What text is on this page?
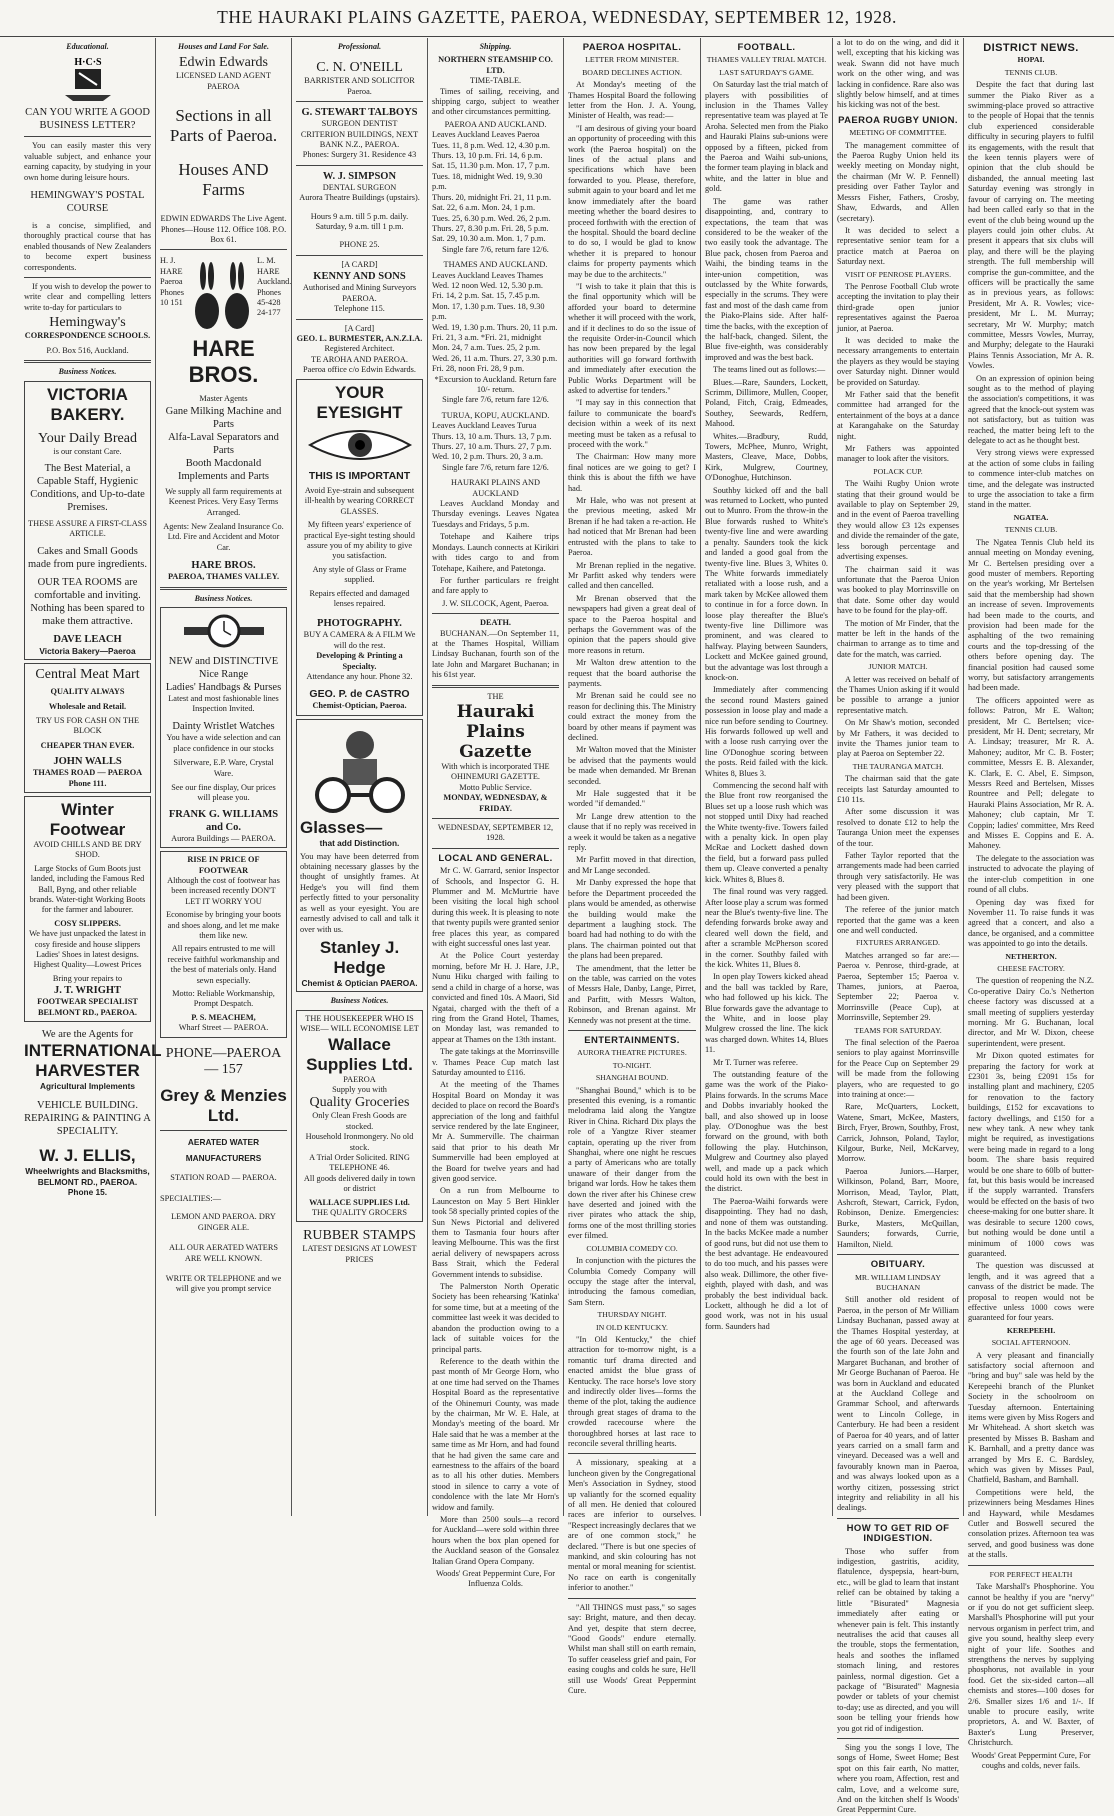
THE HAURAKI PLAINS GAZETTE, PAEROA, WEDNESDAY, SEPTEMBER 12, 1928.
Educational.
H·C·S
CAN YOU WRITE A GOOD BUSINESS LETTER?

You can easily master this very valuable subject, and enhance your earning capacity, by studying in your own home during leisure hours.

HEMINGWAY'S POSTAL COURSE

is a concise, simplified, and thoroughly practical course that has enabled thousands of New Zealanders to become expert business correspondents.

If you wish to develop the power to write clear and compelling letters write to-day for particulars to

Hemingway's
CORRESPONDENCE SCHOOLS.
P.O. Box 516, Auckland.
Business Notices.
VICTORIA BAKERY.
Your Daily Bread
is our constant Care.
The Best Material, a Capable Staff, Hygienic Conditions, and Up-to-date Premises.
THESE ASSURE A FIRST-CLASS ARTICLE.
Cakes and Small Goods made from pure ingredients.
OUR TEA ROOMS are comfortable and inviting. Nothing has been spared to make them attractive.
DAVE LEACH
Victoria Bakery—Paeroa
Central Meat Mart
QUALITY ALWAYS
Wholesale and Retail.
TRY US FOR CASH ON THE BLOCK
CHEAPER THAN EVER.
JOHN WALLS
THAMES ROAD — PAEROA
Phone 111.
Winter Footwear
AVOID CHILLS AND BE DRY SHOD.
Large Stocks of Gum Boots just landed, including the Famous Red Ball, Byng, and other reliable brands. Water-tight Working Boots for the farmer and labourer.
COSY SLIPPERS.
We have just unpacked the latest in cosy fireside and house slippers Ladies' Shoes in latest designs. Highest Quality—Lowest Prices
Bring your repairs to
J. T. WRIGHT
FOOTWEAR SPECIALIST BELMONT RD., PAEROA.
We are the Agents for
INTERNATIONAL
HARVESTER
Agricultural Implements
VEHICLE BUILDING. REPAIRING & PAINTING A SPECIALITY.
W. J. ELLIS,
Wheelwrights and Blacksmiths,
BELMONT RD., PAEROA.
Phone 15.
Houses and Land For Sale.
Edwin Edwards
LICENSED LAND AGENT PAEROA
Sections in all Parts of Paeroa.
Houses AND Farms
EDWIN EDWARDS The Live Agent.
Phones—House 112. Office 108. P.O. Box 61.
H. J. HARE Paeroa Phones 10 151
L. M. HARE Auckland. Phones 45-428 24-177
HARE BROS.
Master Agents
Gane Milking Machine and Parts
Alfa-Laval Separators and Parts
Booth Macdonald Implements and Parts
We supply all farm requirements at Keenest Prices. Very Easy Terms Arranged.
Agents: New Zealand Insurance Co. Ltd. Fire and Accident and Motor Car.
HARE BROS.
PAEROA, THAMES VALLEY.
Business Notices.
NEW and DISTINCTIVE
Nice Range
Ladies' Handbags & Purses
Latest and most fashionable lines Inspection Invited.
Dainty Wristlet Watches
You have a wide selection and can place confidence in our stocks
Silverware, E.P. Ware, Crystal Ware.
See our fine display, Our prices will please you.
FRANK G. WILLIAMS and Co.
Aurora Buildings — PAEROA.
RISE IN PRICE OF FOOTWEAR
Although the cost of footwear has been increased recently DON'T LET IT WORRY YOU
Economise by bringing your boots and shoes along, and let me make them like new.
All repairs entrusted to me will receive faithful workmanship and the best of materials only. Hand sewn especially.
Motto: Reliable Workmanship, Prompt Despatch.
P. S. MEACHEM,
Wharf Street — PAEROA.
PHONE—PAEROA — 157
Grey & Menzies Ltd.
AERATED WATER
MANUFACTURERS
STATION ROAD — PAEROA.
SPECIALTIES:—
LEMON AND PAEROA. DRY GINGER ALE.
ALL OUR AERATED WATERS ARE WELL KNOWN.
WRITE OR TELEPHONE and we will give you prompt service
Professional.
C. N. O'NEILL
BARRISTER AND SOLICITOR Paeroa.
G. STEWART TALBOYS
SURGEON DENTIST
CRITERION BUILDINGS, NEXT BANK N.Z., PAEROA.
Phones: Surgery 31. Residence 43
W. J. SIMPSON
DENTAL SURGEON
Aurora Theatre Buildings (upstairs).
Hours 9 a.m. till 5 p.m. daily. Saturday, 9 a.m. till 1 p.m.
PHONE 25.
[A CARD]
KENNY AND SONS
Authorised and Mining Surveyors PAEROA.
Telephone 115.
[A Card]
GEO. L. BURMESTER, A.N.Z.I.A.
Registered Architect.
TE AROHA AND PAEROA.
Paeroa office c/o Edwin Edwards.
YOUR EYESIGHT
THIS IS IMPORTANT
Avoid Eye-strain and subsequent ill-health by wearing CORRECT GLASSES.
My fifteen years' experience of practical Eye-sight testing should assure you of my ability to give you satisfaction.
Any style of Glass or Frame supplied.
Repairs effected and damaged lenses repaired.
PHOTOGRAPHY.
BUY A CAMERA & A FILM We will do the rest.
Developing & Printing a Specialty.
Attendance any hour. Phone 32.
GEO. P. de CASTRO
Chemist-Optician, Paeroa.
Glasses—
that add Distinction.
You may have been deterred from obtaining necessary glasses by the thought of unsightly frames. At Hedge's you will find them perfectly fitted to your personality as well as your eyesight. You are earnestly advised to call and talk it over with us.
Stanley J. Hedge
Chemist & Optician PAEROA.
Business Notices.
THE HOUSEKEEPER WHO IS WISE— WILL ECONOMISE LET
Wallace Supplies Ltd.
PAEROA
Supply you with
Quality Groceries
Only Clean Fresh Goods are stocked.
Household Ironmongery. No old stock.
A Trial Order Solicited. RING TELEPHONE 46.
All goods delivered daily in town or district
WALLACE SUPPLIES Ltd.
THE QUALITY GROCERS
RUBBER STAMPS
LATEST DESIGNS AT LOWEST PRICES
Shipping.
NORTHERN STEAMSHIP CO. LTD.
TIME-TABLE.

Times of sailing, receiving, and shipping cargo, subject to weather and other circumstances permitting.

PAEROA AND AUCKLAND.
Leaves Auckland Leaves Paeroa
Tues. 11, 8 p.m. Wed. 12, 4.30 p.m.
Thurs. 13, 10 p.m. Fri. 14, 6 p.m.
Sat. 15, 11.30 p.m. Mon. 17, 7 p.m.
Tues. 18, midnight Wed. 19, 9.30 p.m.
Thurs. 20, midnight Fri. 21, 11 p.m.
Sat. 22, 6 a.m. Mon. 24, 1 p.m.
Tues. 25, 6.30 p.m. Wed. 26, 2 p.m.
Thurs. 27, 8.30 p.m. Fri. 28, 5 p.m.
Sat. 29, 10.30 a.m. Mon. 1, 7 p.m.
Single fare 7/6, return fare 12/6.
THAMES AND AUCKLAND.
Leaves Auckland Leaves Thames
Wed. 12 noon Wed. 12, 5.30 p.m.
Fri. 14, 2 p.m. Sat. 15, 7.45 p.m.
Mon. 17, 1.30 p.m. Tues. 18, 9.30 p.m.
Wed. 19, 1.30 p.m. Thurs. 20, 11 p.m.
Fri. 21, 3 a.m. *Fri. 21, midnight
Mon. 24, 7 a.m. Tues. 25, 2 p.m.
Wed. 26, 11 a.m. Thurs. 27, 3.30 p.m.
Fri. 28, noon Fri. 28, 9 p.m.
*Excursion to Auckland. Return fare 10/- return.
Single fare 7/6, return fare 12/6.
TURUA, KOPU, AUCKLAND.
Leaves Auckland Leaves Turua
Thurs. 13, 10 a.m. Thurs. 13, 7 p.m.
Thurs. 27, 10 a.m. Thurs. 27, 7 p.m.
Wed. 10, 2 p.m. Thurs. 20, 3 a.m.
Single fare 7/6, return fare 12/6.
HAURAKI PLAINS AND AUCKLAND

Leaves Auckland Monday and Thursday evenings. Leaves Ngatea Tuesdays and Fridays, 5 p.m.

Totehape and Kaihere trips Mondays. Launch connects at Kirikiri with tides cargo to and from Totehape, Kaihere, and Patetonga.

For further particulars re freight and fare apply to

J. W. SILCOCK, Agent, Paeroa.
DEATH.

BUCHANAN.—On September 11, at the Thames Hospital, William Lindsay Buchanan, fourth son of the late John and Margaret Buchanan; in his 61st year.

THE
Hauraki Plains Gazette
With which is incorporated THE OHINEMURI GAZETTE.
Motto Public Service.
MONDAY, WEDNESDAY, & FRIDAY.
WEDNESDAY, SEPTEMBER 12, 1928.
LOCAL AND GENERAL.

Mr C. W. Garrard, senior Inspector of Schools, and Inspector G. H. Plummer and M. McMurtrie have been visiting the local high school during this week. It is pleasing to note that twenty pupils were granted senior free places this year, as compared with eight successful ones last year.

At the Police Court yesterday morning, before Mr H. J. Hare, J.P., Nunu Hiku charged with failing to send a child in charge of a horse, was convicted and fined 10s. A Maori, Sid Ngatai, charged with the theft of a ring from the Grand Hotel, Thames, on Monday last, was remanded to appear at Thames on the 13th instant.

The gate takings at the Morrinsville v. Thames Peace Cup match last Saturday amounted to £116.

At the meeting of the Thames Hospital Board on Monday it was decided to place on record the Board's appreciation of the long and faithful service rendered by the late Engineer, Mr A. Summerville. The chairman said that prior to his death Mr Summerville had been employed at the Board for twelve years and had given good service.

On a run from Melbourne to Launceston on May 5 Bert Hinkler took 58 specially printed copies of the Sun News Pictorial and delivered them to Tasmania four hours after leaving Melbourne. This was the first aerial delivery of newspapers across Bass Strait, which the Federal Government intends to subsidise.

The Palmerston North Operatic Society has been rehearsing 'Katinka' for some time, but at a meeting of the committee last week it was decided to abandon the production owing to a lack of suitable voices for the principal parts.

Reference to the death within the past month of Mr George Horn, who at one time had served on the Thames Hospital Board as the representative of the Ohinemuri County, was made by the chairman, Mr W. E. Hale, at Monday's meeting of the board. Mr Hale said that he was a member at the same time as Mr Horn, and had found that he had given the same care and earnestness to the affairs of the board as to all his other duties. Members stood in silence to carry a vote of condolence with the late Mr Horn's widow and family.

More than 2500 souls—a record for Auckland—were sold within three hours when the box plan opened for the Auckland season of the Gonsalez Italian Grand Opera Company.

Woods' Great Peppermint Cure, For Influenza Colds.
PAEROA HOSPITAL.
LETTER FROM MINISTER.
BOARD DECLINES ACTION.

At Monday's meeting of the Thames Hospital Board the following letter from the Hon. J. A. Young, Minister of Health, was read:—

"I am desirous of giving your board an opportunity of proceeding with this work (the Paeroa hospital) on the lines of the actual plans and specifications which have been forwarded to you. Please, therefore, submit again to your board and let me know immediately after the board meeting whether the board desires to proceed forthwith with the erection of the hospital. Should the board decline to do so, I would be glad to know whether it is prepared to honour claims for property payments which may be due to the architects."

"I wish to take it plain that this is the final opportunity which will be afforded your board to determine whether it will proceed with the work, and if it declines to do so the issue of the requisite Order-in-Council which has now been prepared by the legal authorities will go forward forthwith and immediately after execution the Public Works Department will be asked to advertise for tenders."

"I may say in this connection that failure to communicate the board's decision within a week of its next meeting must be taken as a refusal to proceed with the work."

The Chairman: How many more final notices are we going to get? I think this is about the fifth we have had.

Mr Hale, who was not present at the previous meeting, asked Mr Brenan if he had taken a re-action. He had noticed that Mr Brenan had been entrusted with the plans to take to Paeroa.

Mr Brenan replied in the negative. Mr Parfitt asked why tenders were called and then cancelled.

Mr Brenan observed that the newspapers had given a great deal of space to the Paeroa hospital and perhaps the Government was of the opinion that the papers should give more reasons in return.

Mr Walton drew attention to the request that the board authorise the payments.

Mr Brenan said he could see no reason for declining this. The Ministry could extract the money from the board by other means if payment was declined.

Mr Walton moved that the Minister be advised that the payments would be made when demanded. Mr Brenan seconded.

Mr Hale suggested that it be worded "if demanded."

Mr Lange drew attention to the clause that if no reply was received in a week it would be taken as a negative reply.

Mr Parfitt moved in that direction, and Mr Lange seconded.

Mr Danby expressed the hope that before the Department proceeded the plans would be amended, as otherwise the building would make the department a laughing stock. The board had had nothing to do with the plans. The chairman pointed out that the plans had been prepared.

The amendment, that the letter be on the table, was carried on the votes of Messrs Hale, Danby, Lange, Pirret, and Parfitt, with Messrs Walton, Robinson, and Brenan against. Mr Kennedy was not present at the time.

ENTERTAINMENTS.
AURORA THEATRE PICTURES.
TO-NIGHT.
SHANGHAI BOUND.

"Shanghai Bound," which is to be presented this evening, is a romantic melodrama laid along the Yangtze River in China. Richard Dix plays the role of a Yangtze River steamer captain, operating up the river from Shanghai, where one night he rescues a party of Americans who are totally unaware of their danger from the brigand war lords. How he takes them down the river after his Chinese crew have deserted and joined with the river pirates who attack the ship, forms one of the most thrilling stories ever filmed.

COLUMBIA COMEDY CO.

In conjunction with the pictures the Columbia Comedy Company will occupy the stage after the interval, introducing the famous comedian, Sam Stern.

THURSDAY NIGHT.
IN OLD KENTUCKY.

"In Old Kentucky," the chief attraction for to-morrow night, is a romantic turf drama directed and enacted amidst the blue grass of Kentucky. The race horse's love story and indirectly older lives—forms the theme of the plot, taking the audience through great stages of drama to the crowded racecourse where the thoroughbred horses at last race to reconcile several thrilling hearts.

A missionary, speaking at a luncheon given by the Congregational Men's Association in Sydney, stood up valiantly for the scorned equality of all men. He denied that coloured races are inferior to ourselves. "Respect increasingly declares that we are of one common stock," he declared. "There is but one species of mankind, and skin colouring has not mental or moral meaning for scientist. No race on earth is congenitally inferior to another."

"All THINGS must pass," so sages say: Bright, mature, and then decay. And yet, despite that stern decree, "Good Goods" endure eternally. Whilst man shall still on earth remain, To suffer ceaseless grief and pain, For easing coughs and colds he sure, He'll still use Woods' Great Peppermint Cure.

FOOTBALL.
THAMES VALLEY TRIAL MATCH.
LAST SATURDAY'S GAME.

On Saturday last the trial match of players with possibilities of inclusion in the Thames Valley representative team was played at Te Aroha. Selected men from the Piako and Hauraki Plains sub-unions were opposed by a fifteen, picked from the Paeroa and Waihi sub-unions, the former team playing in black and white, and the latter in blue and gold.

The game was rather disappointing, and, contrary to expectations, the team that was considered to be the weaker of the two easily took the advantage. The Blue pack, chosen from Paeroa and Waihi, the binding teams in the inter-union competition, was outclassed by the White forwards, especially in the scrums. They were fast and most of the dash came from the Piako-Plains side. After half-time the backs, with the exception of the half-back, changed. Silent, the Blue five-eighth, was considerably improved and was the best back.

The teams lined out as follows:—

Blues.—Rare, Saunders, Lockett, Scrimm, Dillimore, Mullen, Cooper, Poland, Fitch, Craig, Edmeades, Southey, Seewards, Redfern, Mahood.

Whites.—Bradbury, Rudd, Towers, McPhee, Munro, Wright, Masters, Cleave, Mace, Dobbs, Kirk, Mulgrew, Courtney, O'Donoghue, Hutchinson.

Southby kicked off and the ball was returned to Lockett, who punted out to Munro. From the throw-in the Blue forwards rushed to White's twenty-five line and were awarding a penalty. Saunders took the kick and landed a good goal from the twenty-five line. Blues 3, Whites 0. The White forwards immediately retaliated with a loose rush, and a mark taken by McKee allowed them to continue in for a force down. In loose play thereafter the Blue's twenty-five line Dillimore was prominent, and was cleared to halfway. Playing between Saunders, Lockett and McKee gained ground, but the advantage was lost through a knock-on.

Immediately after commencing the second round Masters gained possession in loose play and made a nice run before sending to Courtney. His forwards followed up well and with a loose rush carrying over the line O'Donoghue scoring between the posts. Reid failed with the kick. Whites 8, Blues 3.

Commencing the second half with the Blue front row reorganised the Blues set up a loose rush which was not stopped until Dixy had reached the White twenty-five. Towers failed with a penalty kick. In open play McRae and Lockett dashed down the field, but a forward pass pulled them up. Cleave converted a penalty kick. Whites 8, Blues 8.

The final round was very ragged. After loose play a scrum was formed near the Blue's twenty-five line. The defending forwards broke away and cleared well down the field, and after a scramble McPherson scored in the corner. Southby failed with the kick. Whites 11, Blues 8.

In open play Towers kicked ahead and the ball was tackled by Rare, who had followed up his kick. The Blue forwards gave the advantage to the White, and in loose play Mulgrew crossed the line. The kick was charged down. Whites 14, Blues 11.

Mr T. Turner was referee.

The outstanding feature of the game was the work of the Piako-Plains forwards. In the scrums Mace and Dobbs invariably hooked the ball, and also showed up in loose play. O'Donoghue was the best forward on the ground, with both following the play. Hutchinson, Mulgrew and Courtney also played well, and made up a pack which could hold its own with the best in the district.

The Paeroa-Waihi forwards were disappointing. They had no dash, and none of them was outstanding. In the backs McKee made a number of good runs, but did not use them to the best advantage. He endeavoured to do too much, and his passes were also weak. Dillimore, the other five-eighth, played with dash, and was probably the best individual back. Lockett, although he did a lot of good work, was not in his usual form. Saunders had

a lot to do on the wing, and did it well, excepting that his kicking was weak. Swann did not have much work on the other wing, and was lacking in confidence. Rare also was slightly below himself, and at times his kicking was not of the best.

PAEROA RUGBY UNION.
MEETING OF COMMITTEE.

The management committee of the Paeroa Rugby Union held its weekly meeting on Monday night, the chairman (Mr W. P. Fennell) presiding over Father Taylor and Messrs Fisher, Fathers, Crosby, Shaw, Edwards, and Allen (secretary).

It was decided to select a representative senior team for a practice match at Paeroa on Saturday next.

VISIT OF PENROSE PLAYERS.

The Penrose Football Club wrote accepting the invitation to play their third-grade open junior representatives against the Paeroa junior, at Paeroa.

It was decided to make the necessary arrangements to entertain the players as they would be staying over Saturday night. Dinner would be provided on Saturday.

Mr Father said that the benefit committee had arranged for the entertainment of the boys at a dance at Karangahake on the Saturday night.

Mr Fathers was appointed manager to look after the visitors.

POLACK CUP.

The Waihi Rugby Union wrote stating that their ground would be available to play on September 29, and in the event of Paeroa travelling they would allow £3 12s expenses and divide the remainder of the gate, less borough percentage and advertising expenses.

The chairman said it was unfortunate that the Paeroa Union was booked to play Morrinsville on that date. Some other day would have to be found for the play-off.

The motion of Mr Finder, that the matter be left in the hands of the chairman to arrange as to time and date for the match, was carried.

JUNIOR MATCH.

A letter was received on behalf of the Thames Union asking if it would be possible to arrange a junior representative match.

On Mr Shaw's motion, seconded by Mr Fathers, it was decided to invite the Thames junior team to play at Paeroa on September 22.

THE TAURANGA MATCH.

The chairman said that the gate receipts last Saturday amounted to £10 11s.

After some discussion it was resolved to donate £12 to help the Tauranga Union meet the expenses of the tour.

Father Taylor reported that the arrangements made had been carried through very satisfactorily. He was very pleased with the support that had been given.

The referee of the junior match reported that the game was a keen one and well conducted.

FIXTURES ARRANGED.

Matches arranged so far are:— Paeroa v. Penrose, third-grade, at Paeroa, September 15; Paeroa v. Thames, juniors, at Paeroa, September 22; Paeroa v. Morrinsville (Peace Cup), at Morrinsville, September 29.

TEAMS FOR SATURDAY.

The final selection of the Paeroa seniors to play against Morrinsville for the Peace Cup on September 29 will be made from the following players, who are requested to go into training at once:—

Rare, McQuarters, Lockett, Watene, Smart, McKee, Masters, Birch, Fryer, Brown, Southby, Frost, Carrick, Johnson, Poland, Taylor, Kilgour, Burke, Neil, McKarvey, Morrow.

Paeroa Juniors.—Harper, Wilkinson, Poland, Barr, Moore, Morrison, Mead, Taylor, Platt, Ashcroft, Stewart, Carrick, Fydon, Robinson, Denize. Emergencies: Burke, Masters, McQuillan, Saunders; forwards, Currie, Hamilton, Nield.

OBITUARY.
MR. WILLIAM LINDSAY BUCHANAN

Still another old resident of Paeroa, in the person of Mr William Lindsay Buchanan, passed away at the Thames Hospital yesterday, at the age of 60 years. Deceased was the fourth son of the late John and Margaret Buchanan, and brother of Mr George Buchanan of Paeroa. He was born in Auckland and educated at the Auckland College and Grammar School, and afterwards went to Lincoln College, in Canterbury. He had been a resident of Paeroa for 40 years, and of latter years carried on a small farm and vineyard. Deceased was a well and favourably known man in Paeroa, and was always looked upon as a worthy citizen, possessing strict integrity and reliability in all his dealings.

HOW TO GET RID OF INDIGESTION.

Those who suffer from indigestion, gastritis, acidity, flatulence, dyspepsia, heart-burn, etc., will be glad to learn that instant relief can be obtained by taking a little "Bisurated" Magnesia immediately after eating or whenever pain is felt. This instantly neutralises the acid that causes all the trouble, stops the fermentation, heals and soothes the inflamed stomach lining, and restores painless, normal digestion. Get a package of "Bisurated" Magnesia powder or tablets of your chemist to-day; use as directed, and you will soon be telling your friends how you got rid of indigestion.

Sing you the songs I love, The songs of Home, Sweet Home; Best spot on this fair earth, No matter, where you roam, Affection, rest and calm, Love, and a welcome sure, And on the kitchen shelf Is Woods' Great Peppermint Cure.

DISTRICT NEWS.
HOPAI.
TENNIS CLUB.

Despite the fact that during last summer the Piako River as a swimming-place proved so attractive to the people of Hopai that the tennis club experienced considerable difficulty in securing players to fulfil its engagements, with the result that the keen tennis players were of opinion that the club should be disbanded, the annual meeting last Saturday evening was strongly in favour of carrying on. The meeting had been called early so that in the event of the club being wound up the players could join other clubs. At present it appears that six clubs will play, and there will be the playing strength. The full membership will comprise the gun-committee, and the officers will be practically the same as in previous years, as follows: President, Mr A. R. Vowles; vice-president, Mr L. M. Murray; secretary, Mr W. Murphy; match committee, Messrs Vowles, Murray, and Murphy; delegate to the Hauraki Plains Tennis Association, Mr A. R. Vowles.

On an expression of opinion being sought as to the method of playing the association's competitions, it was agreed that the knock-out system was not satisfactory, but as tuition was reached, the matter being left to the delegate to act as he thought best.

Very strong views were expressed at the action of some clubs in failing to commence inter-club matches on time, and the delegate was instructed to urge the association to take a firm stand in the matter.

NGATEA.
TENNIS CLUB.

The Ngatea Tennis Club held its annual meeting on Monday evening, Mr C. Bertelsen presiding over a good muster of members. Reporting on the year's working, Mr Bertelsen said that the membership had shown an increase of seven. Improvements had been made to the courts, and provision had been made for the asphalting of the two remaining courts and the top-dressing of the others before opening day. The financial position had caused some worry, but satisfactory arrangements had been made.

The officers appointed were as follows: Patron, Mr E. Walton; president, Mr C. Bertelsen; vice-president, Mr H. Dent; secretary, Mr A. Lindsay; treasurer, Mr R. A. Mahoney; auditor, Mr C. B. Foster; committee, Messrs E. B. Alexander, K. Clark, E. C. Abel, E. Simpson, Messrs Reed and Bertelsen, Misses Rountree and Pell; delegate to Hauraki Plains Association, Mr R. A. Mahoney; club captain, Mr T. Coppin; ladies' committee, Mrs Reed and Misses E. Coppins and E. A. Mahoney.

The delegate to the association was instructed to advocate the playing of the inter-club competition in one round of all clubs.

Opening day was fixed for November 11. To raise funds it was agreed that a concert, and also a dance, be organised, and a committee was appointed to go into the details.

NETHERTON.
CHEESE FACTORY.

The question of reopening the N.Z. Co-operative Dairy Co.'s Netherton cheese factory was discussed at a small meeting of suppliers yesterday morning. Mr G. Buchanan, local director, and Mr W. Dixon, cheese superintendent, were present.

Mr Dixon quoted estimates for preparing the factory for work at £2301 3s, being £2091 15s for installing plant and machinery, £205 for renovation to the factory buildings, £152 for excavations to factory dwellings, and £150 for a new whey tank. A new whey tank might be required, as investigations were being made in regard to a long boom. The share basis required would be one share to 60lb of butter-fat, but this basis would be increased if the supply warranted. Transfers would be effected on the basis of two cheese-making for one butter share. It was desirable to secure 1200 cows, but nothing would be done until a minimum of 1000 cows was guaranteed.

The question was discussed at length, and it was agreed that a canvass of the district be made. The proposal to reopen would not be effective unless 1000 cows were guaranteed for four years.

KEREPEEHI.
SOCIAL AFTERNOON.

A very pleasant and financially satisfactory social afternoon and "bring and buy" sale was held by the Kerepeehi branch of the Plunket Society in the schoolroom on Tuesday afternoon. Entertaining items were given by Miss Rogers and Mr Whitehead. A short sketch was presented by Misses B. Basham and K. Barnhall, and a pretty dance was arranged by Mrs E. C. Bardsley, which was given by Misses Paul, Chatfield, Basham, and Barnhall.

Competitions were held, the prizewinners being Mesdames Hines and Hayward, while Mesdames Cutler and Boswell secured the consolation prizes. Afternoon tea was served, and good business was done at the stalls.

FOR PERFECT HEALTH

Take Marshall's Phosphorine. You cannot be healthy if you are "nervy" or if you do not get sufficient sleep. Marshall's Phosphorine will put your nervous organism in perfect trim, and give you sound, healthy sleep every night of your life. Soothes and strengthens the nerves by supplying phosphorus, not available in your food. Get the six-sided carton—all chemists and stores—100 doses for 2/6. Smaller sizes 1/6 and 1/-. If unable to procure easily, write proprietors, A. and W. Baxter, of Baxter's Lung Preserver, Christchurch.

Woods' Great Peppermint Cure, For coughs and colds, never fails.
